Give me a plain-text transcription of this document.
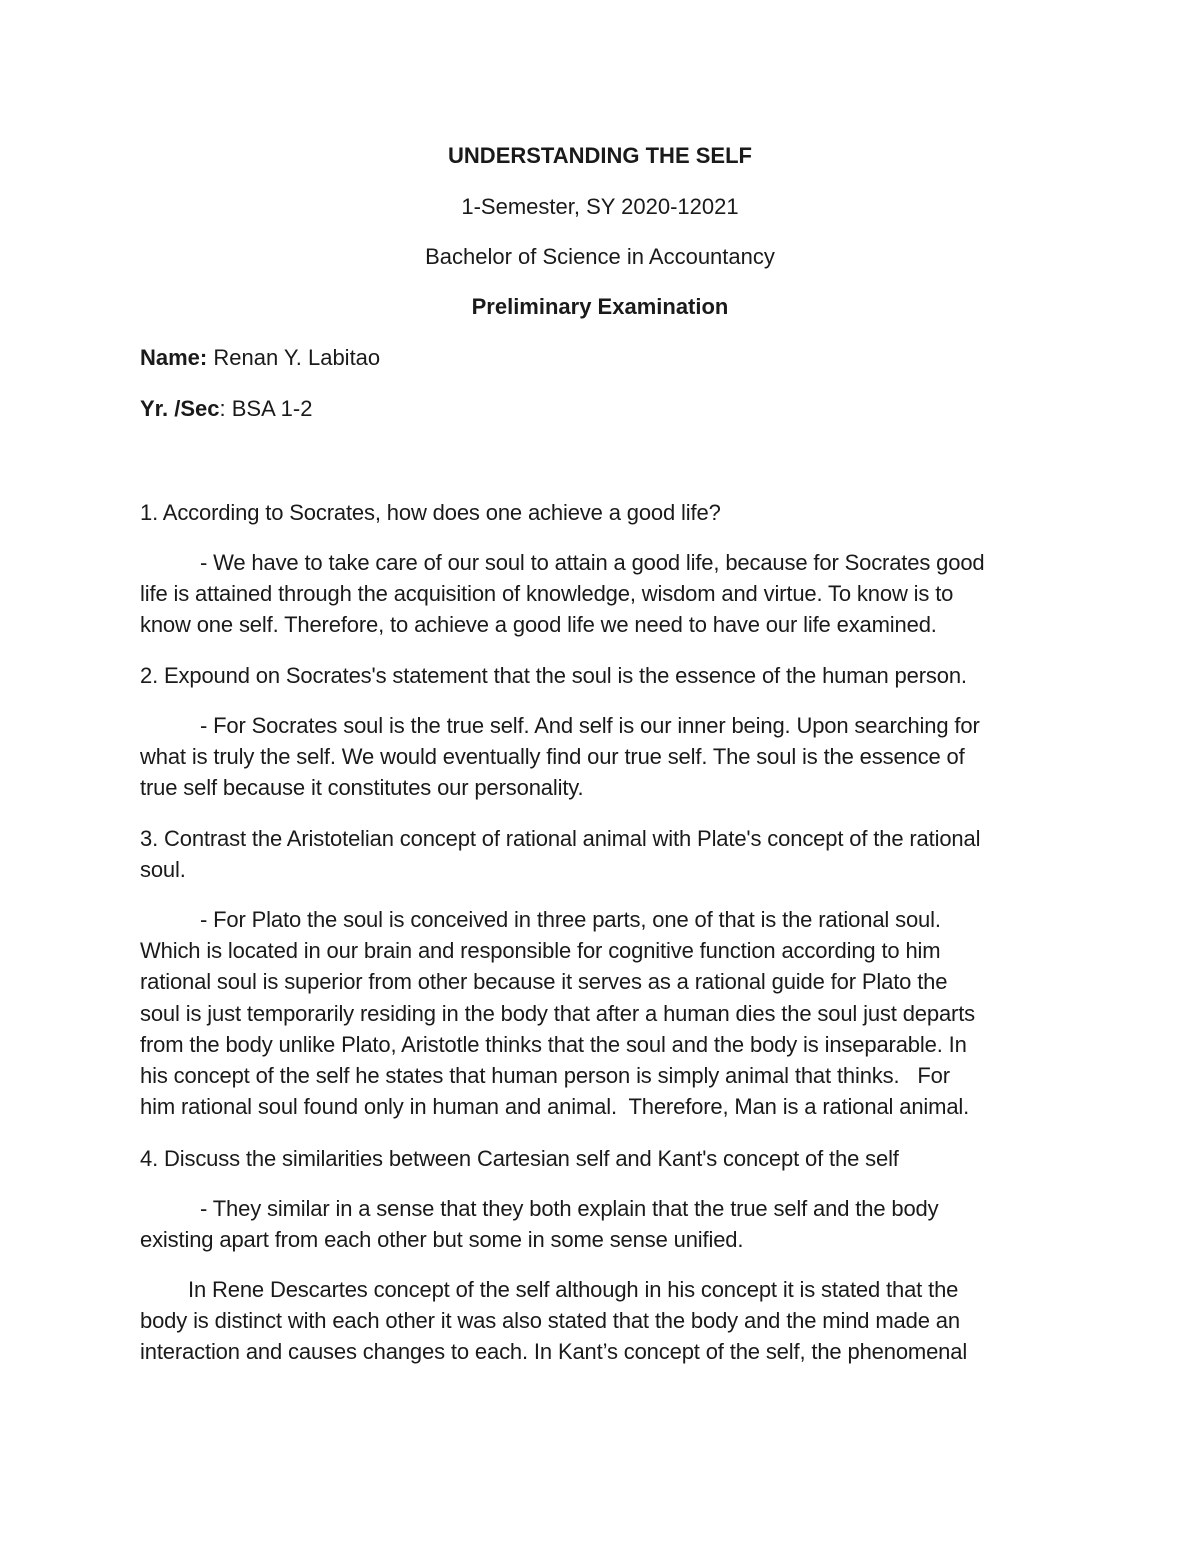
UNDERSTANDING THE SELF
1-Semester, SY 2020-12021
Bachelor of Science in Accountancy
Preliminary Examination
Name: Renan Y. Labitao
Yr. /Sec: BSA 1-2
1. According to Socrates, how does one achieve a good life?
- We have to take care of our soul to attain a good life, because for Socrates good
life is attained through the acquisition of knowledge, wisdom and virtue. To know is to
know one self. Therefore, to achieve a good life we need to have our life examined.
2. Expound on Socrates's statement that the soul is the essence of the human person.
- For Socrates soul is the true self. And self is our inner being. Upon searching for
what is truly the self. We would eventually find our true self. The soul is the essence of
true self because it constitutes our personality.
3. Contrast the Aristotelian concept of rational animal with Plate's concept of the rational
soul.
- For Plato the soul is conceived in three parts, one of that is the rational soul.
Which is located in our brain and responsible for cognitive function according to him
rational soul is superior from other because it serves as a rational guide for Plato the
soul is just temporarily residing in the body that after a human dies the soul just departs
from the body unlike Plato, Aristotle thinks that the soul and the body is inseparable. In
his concept of the self he states that human person is simply animal that thinks.   For
him rational soul found only in human and animal.  Therefore, Man is a rational animal.
4. Discuss the similarities between Cartesian self and Kant's concept of the self
- They similar in a sense that they both explain that the true self and the body
existing apart from each other but some in some sense unified.
In Rene Descartes concept of the self although in his concept it is stated that the
body is distinct with each other it was also stated that the body and the mind made an
interaction and causes changes to each. In Kant’s concept of the self, the phenomenal
